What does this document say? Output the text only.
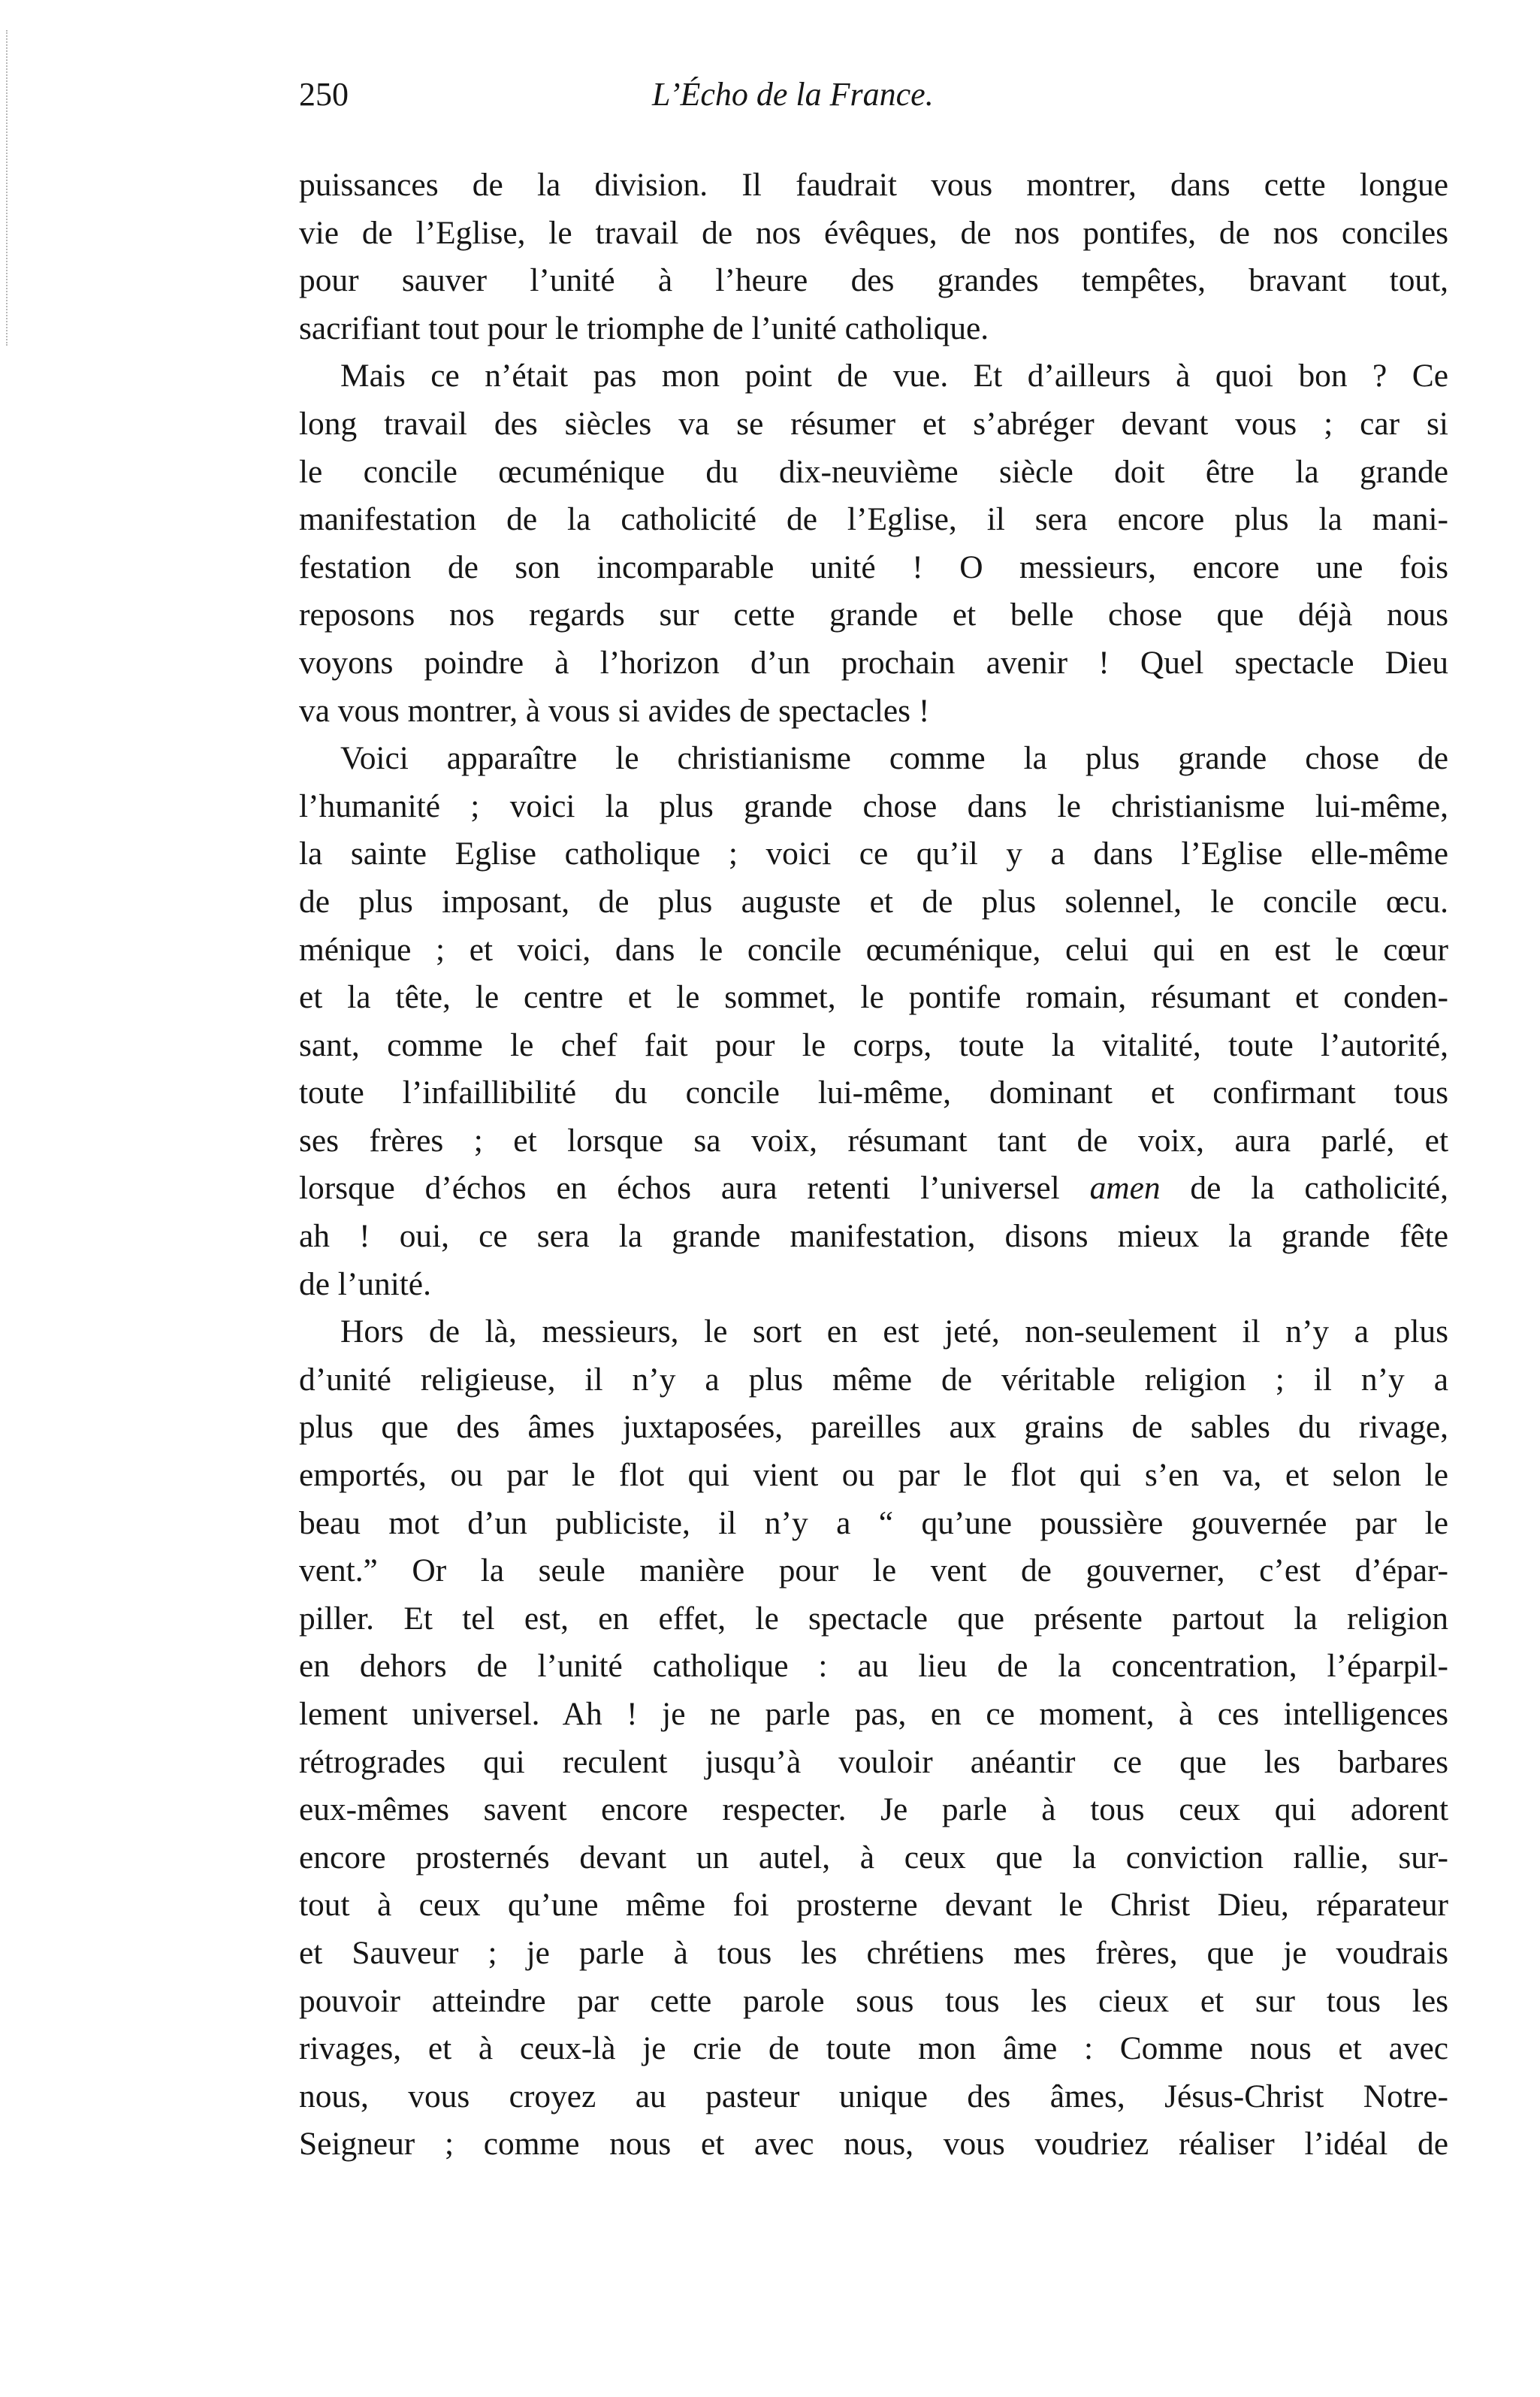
250	L’Écho de la France.
puissances de la division. Il faudrait vous montrer, dans cette longue
vie de l’Eglise, le travail de nos évêques, de nos pontifes, de nos conciles
pour sauver l’unité à l’heure des grandes tempêtes, bravant tout,
sacrifiant tout pour le triomphe de l’unité catholique.
Mais ce n’était pas mon point de vue. Et d’ailleurs à quoi bon ? Ce
long travail des siècles va se résumer et s’abréger devant vous ; car si
le concile œcuménique du dix-neuvième siècle doit être la grande
manifestation de la catholicité de l’Eglise, il sera encore plus la mani-
festation de son incomparable unité ! O messieurs, encore une fois
reposons nos regards sur cette grande et belle chose que déjà nous
voyons poindre à l’horizon d’un prochain avenir ! Quel spectacle Dieu
va vous montrer, à vous si avides de spectacles !
Voici apparaître le christianisme comme la plus grande chose de
l’humanité ; voici la plus grande chose dans le christianisme lui-même,
la sainte Eglise catholique ; voici ce qu’il y a dans l’Eglise elle-même
de plus imposant, de plus auguste et de plus solennel, le concile œcu.
ménique ; et voici, dans le concile œcuménique, celui qui en est le cœur
et la tête, le centre et le sommet, le pontife romain, résumant et conden-
sant, comme le chef fait pour le corps, toute la vitalité, toute l’autorité,
toute l’infaillibilité du concile lui-même, dominant et confirmant tous
ses frères ; et lorsque sa voix, résumant tant de voix, aura parlé, et
lorsque d’échos en échos aura retenti l’universel amen de la catholicité,
ah ! oui, ce sera la grande manifestation, disons mieux la grande fête
de l’unité.
Hors de là, messieurs, le sort en est jeté, non-seulement il n’y a plus
d’unité religieuse, il n’y a plus même de véritable religion ; il n’y a
plus que des âmes juxtaposées, pareilles aux grains de sables du rivage,
emportés, ou par le flot qui vient ou par le flot qui s’en va, et selon le
beau mot d’un publiciste, il n’y a “ qu’une poussière gouvernée par le
vent.” Or la seule manière pour le vent de gouverner, c’est d’épar-
piller. Et tel est, en effet, le spectacle que présente partout la religion
en dehors de l’unité catholique : au lieu de la concentration, l’éparpil-
lement universel. Ah ! je ne parle pas, en ce moment, à ces intelligences
rétrogrades qui reculent jusqu’à vouloir anéantir ce que les barbares
eux-mêmes savent encore respecter. Je parle à tous ceux qui adorent
encore prosternés devant un autel, à ceux que la conviction rallie, sur-
tout à ceux qu’une même foi prosterne devant le Christ Dieu, réparateur
et Sauveur ; je parle à tous les chrétiens mes frères, que je voudrais
pouvoir atteindre par cette parole sous tous les cieux et sur tous les
rivages, et à ceux-là je crie de toute mon âme : Comme nous et avec
nous, vous croyez au pasteur unique des âmes, Jésus-Christ Notre-
Seigneur ; comme nous et avec nous, vous voudriez réaliser l’idéal de
